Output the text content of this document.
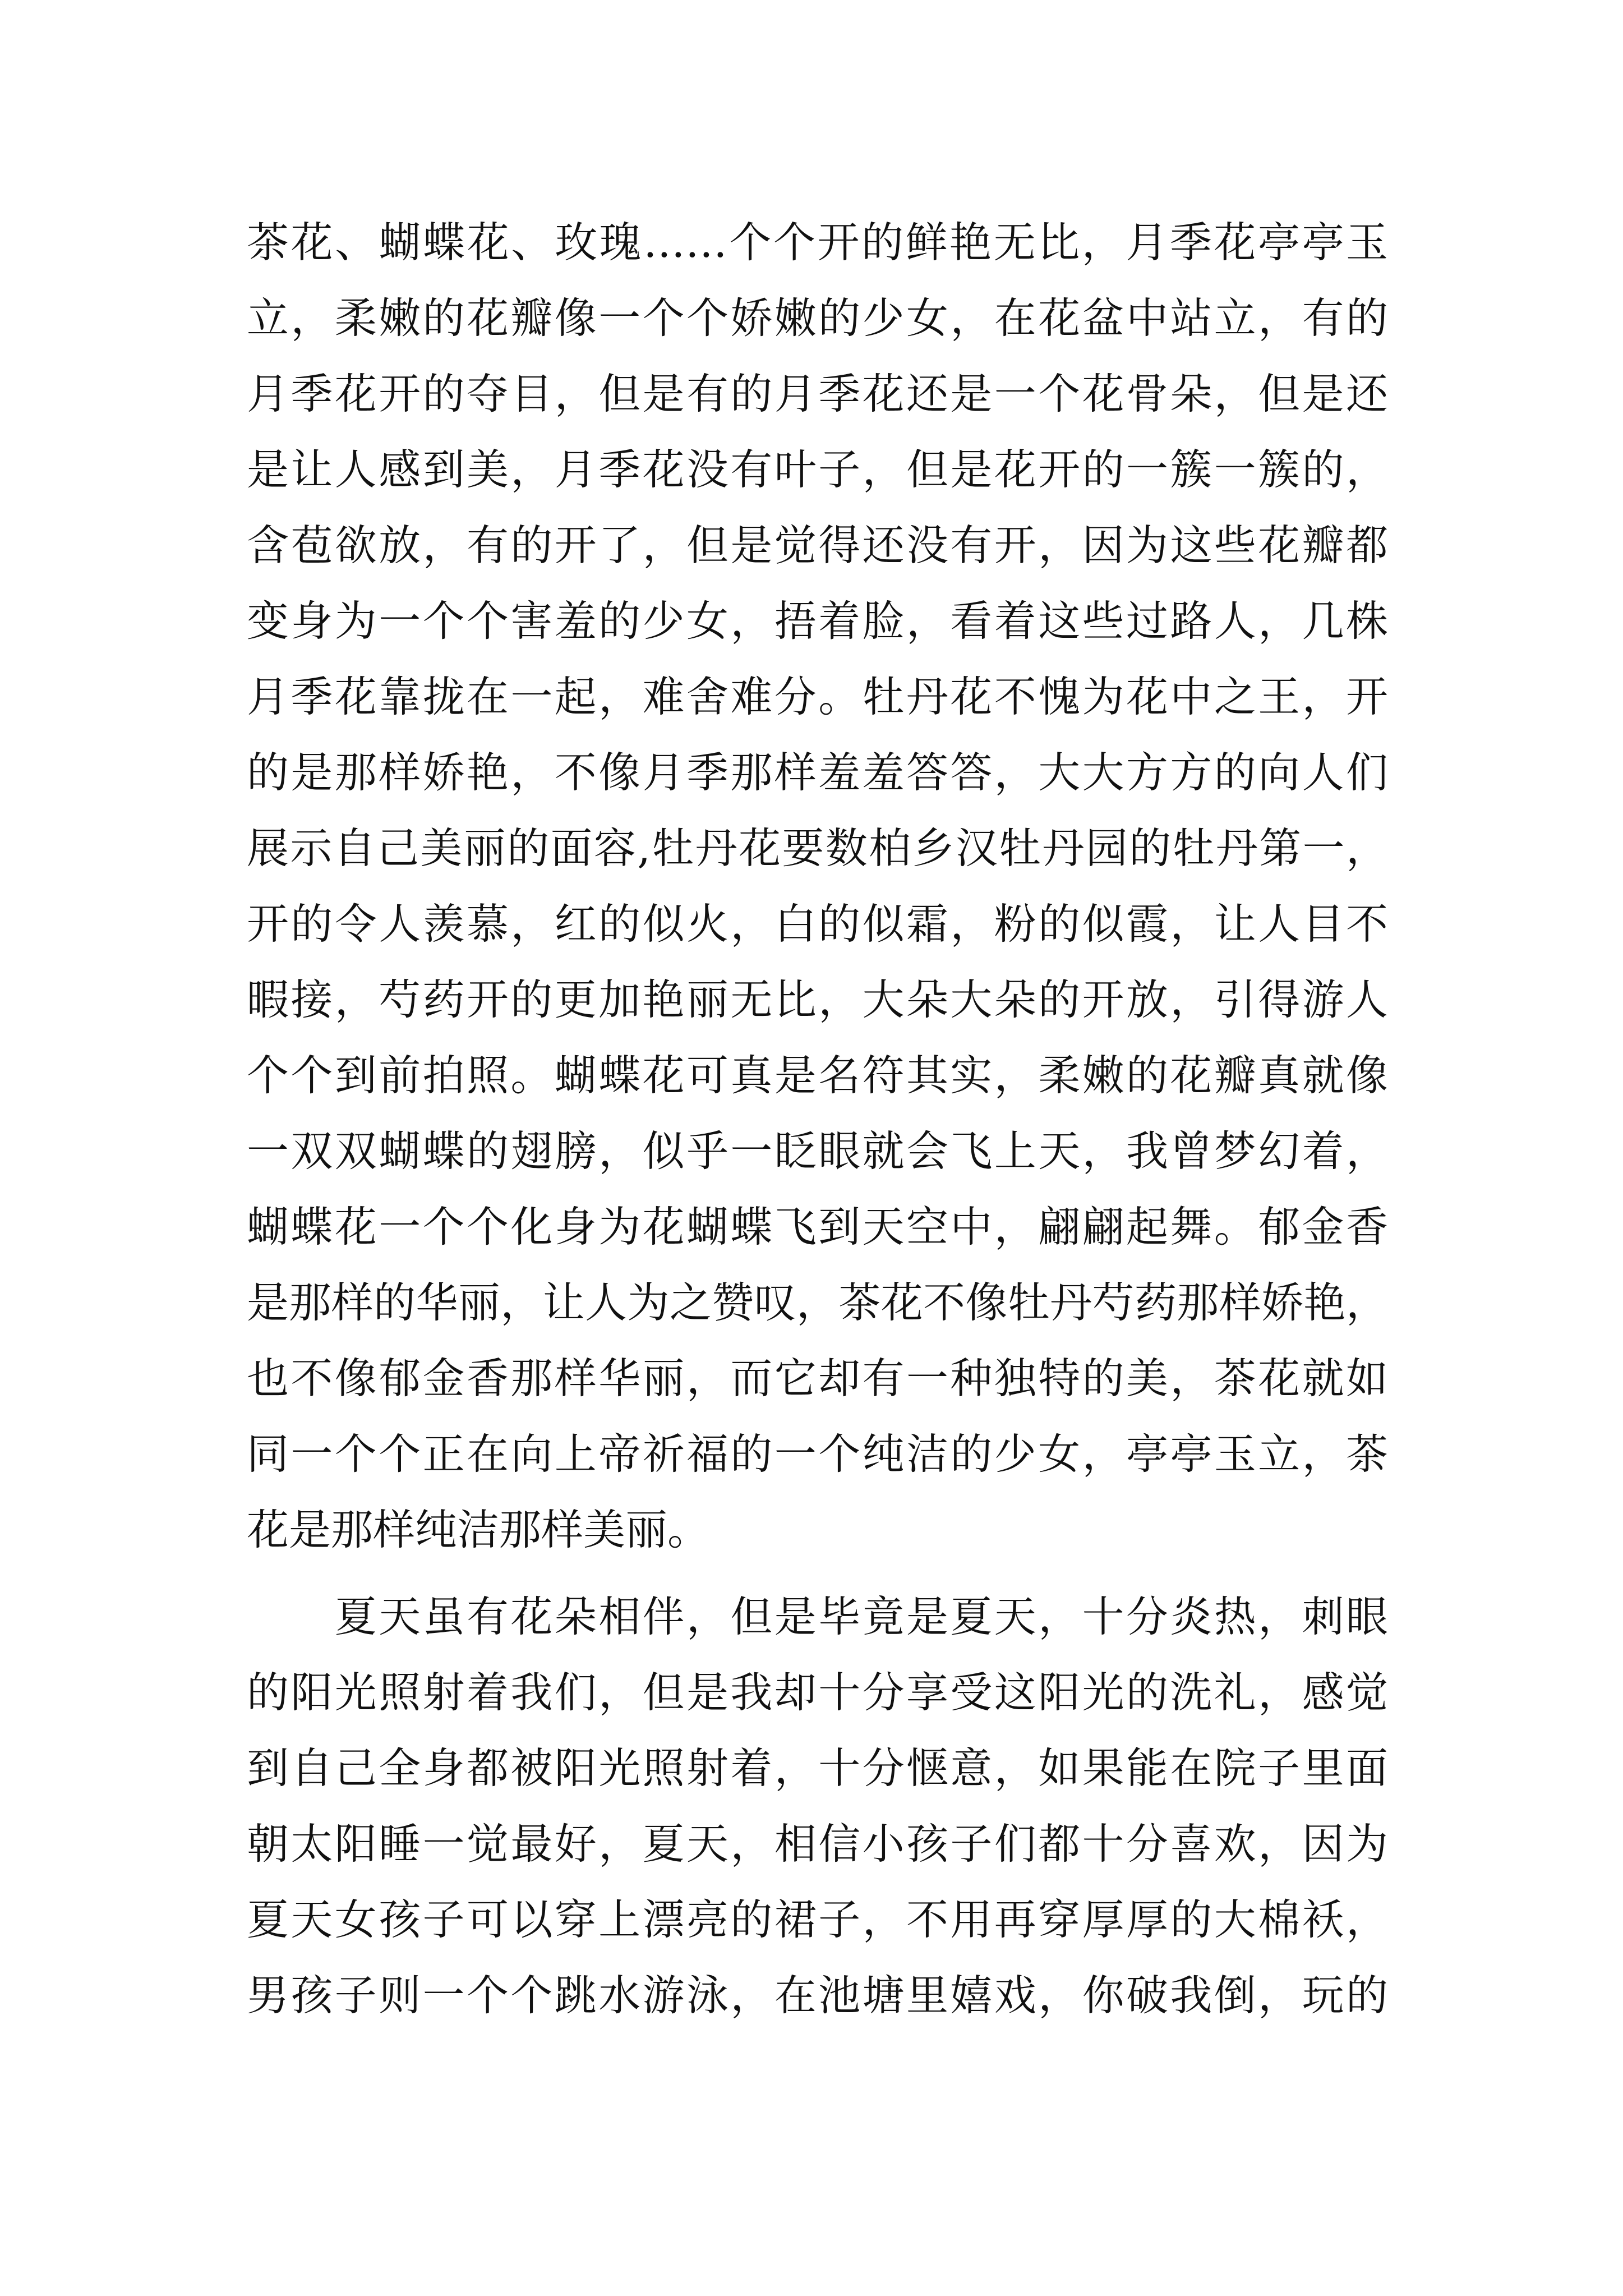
茶花、蝴蝶花、玫瑰……个个开的鲜艳无比，月季花亭亭玉
立，柔嫩的花瓣像一个个娇嫩的少女，在花盆中站立，有的
月季花开的夺目，但是有的月季花还是一个花骨朵，但是还
是让人感到美，月季花没有叶子，但是花开的一簇一簇的，
含苞欲放，有的开了，但是觉得还没有开，因为这些花瓣都
变身为一个个害羞的少女，捂着脸，看着这些过路人，几株
月季花靠拢在一起，难舍难分。牡丹花不愧为花中之王，开
的是那样娇艳，不像月季那样羞羞答答，大大方方的向人们
展示自己美丽的面容,牡丹花要数柏乡汉牡丹园的牡丹第一，
开的令人羡慕，红的似火，白的似霜，粉的似霞，让人目不
暇接，芍药开的更加艳丽无比，大朵大朵的开放，引得游人
个个到前拍照。蝴蝶花可真是名符其实，柔嫩的花瓣真就像
一双双蝴蝶的翅膀，似乎一眨眼就会飞上天，我曾梦幻着，
蝴蝶花一个个化身为花蝴蝶飞到天空中，翩翩起舞。郁金香
是那样的华丽，让人为之赞叹，茶花不像牡丹芍药那样娇艳，
也不像郁金香那样华丽，而它却有一种独特的美，茶花就如
同一个个正在向上帝祈福的一个纯洁的少女，亭亭玉立，茶
花是那样纯洁那样美丽。
　　夏天虽有花朵相伴，但是毕竟是夏天，十分炎热，刺眼
的阳光照射着我们，但是我却十分享受这阳光的洗礼，感觉
到自己全身都被阳光照射着，十分惬意，如果能在院子里面
朝太阳睡一觉最好，夏天，相信小孩子们都十分喜欢，因为
夏天女孩子可以穿上漂亮的裙子，不用再穿厚厚的大棉袄，
男孩子则一个个跳水游泳，在池塘里嬉戏，你破我倒，玩的
